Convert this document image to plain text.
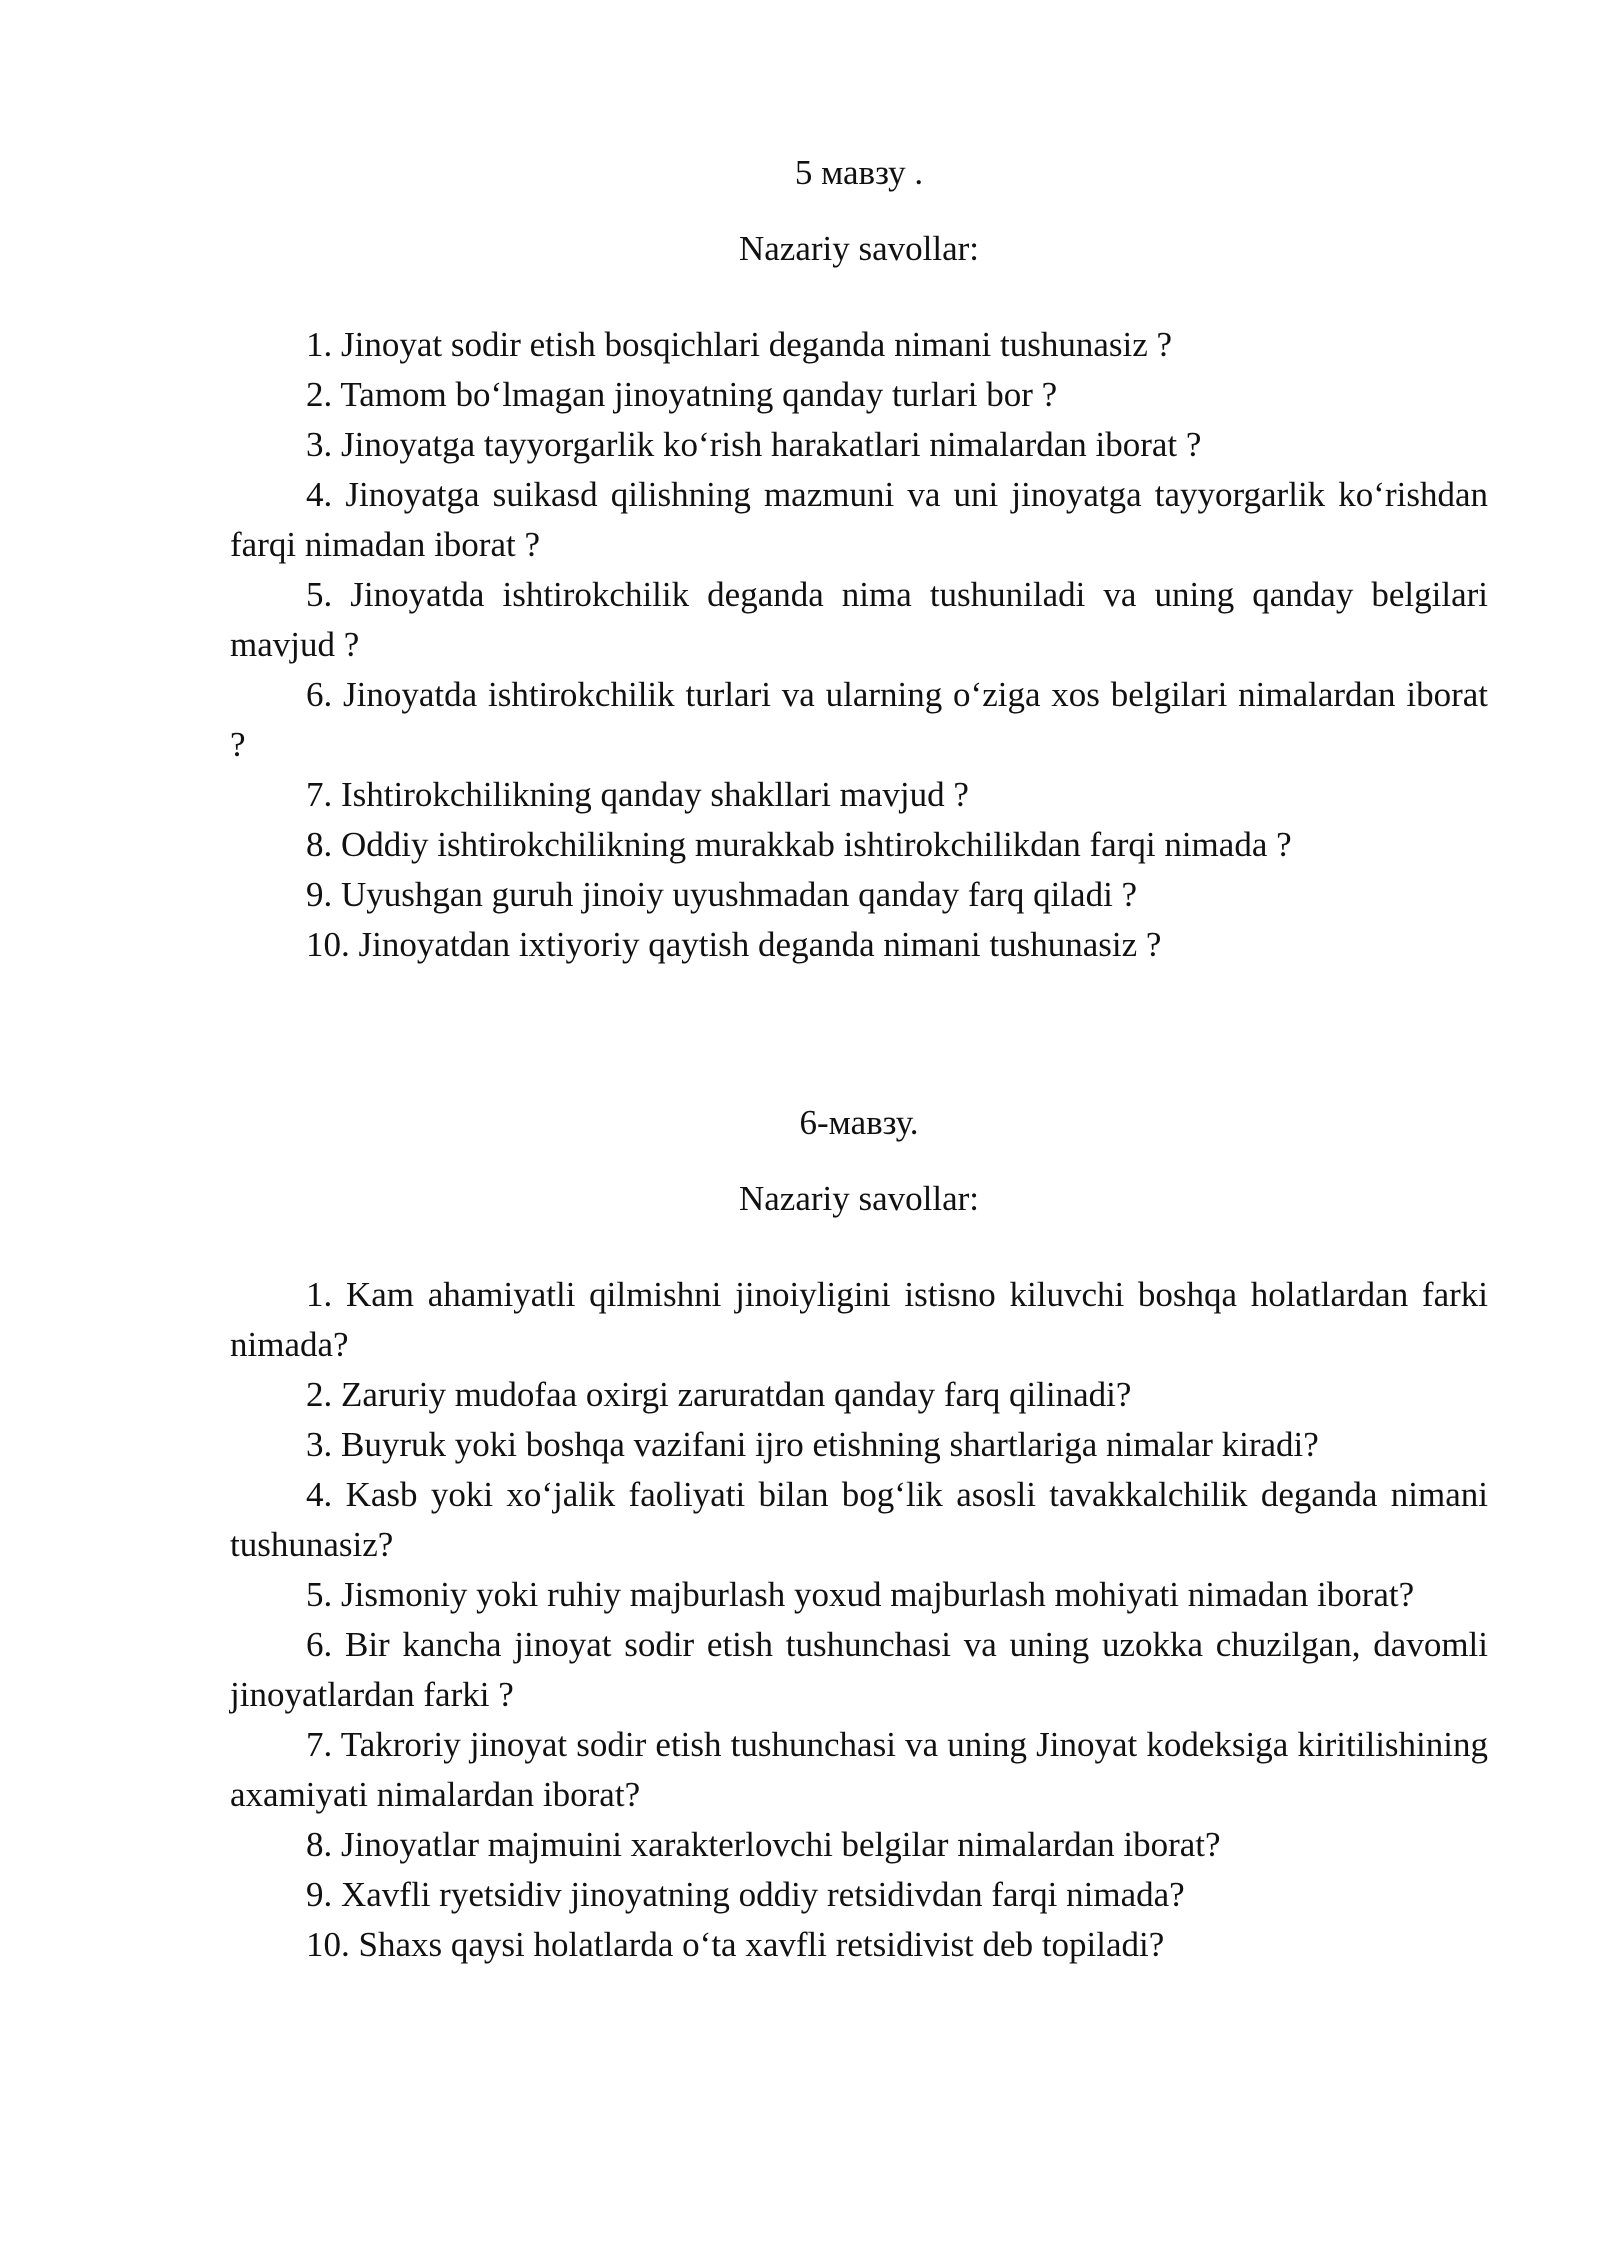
5 мавзу .
Nazariy savollar:
1. Jinoyat sodir etish bosqichlari deganda nimani tushunasiz ?
2. Tamom bo‘lmagan jinoyatning qanday turlari bor ?
3. Jinoyatga tayyorgarlik ko‘rish harakatlari nimalardan iborat ?
4. Jinoyatga suikasd qilishning mazmuni va uni jinoyatga tayyorgarlik ko‘rishdan farqi nimadan iborat ?
5. Jinoyatda ishtirokchilik deganda nima tushuniladi va uning qanday belgilari mavjud ?
6. Jinoyatda ishtirokchilik turlari va ularning o‘ziga xos belgilari nimalardan iborat ?
7. Ishtirokchilikning qanday shakllari mavjud ?
8. Oddiy ishtirokchilikning murakkab ishtirokchilikdan farqi nimada ?
9. Uyushgan guruh jinoiy uyushmadan qanday farq qiladi ?
10. Jinoyatdan ixtiyoriy qaytish deganda nimani tushunasiz ?
6-мавзу.
Nazariy savollar:
1. Kam ahamiyatli qilmishni jinoiyligini istisno kiluvchi boshqa holatlardan farki nimada?
2. Zaruriy mudofaa oxirgi zaruratdan qanday farq qilinadi?
3. Buyruk yoki boshqa vazifani ijro etishning shartlariga nimalar kiradi?
4. Kasb yoki xo‘jalik faoliyati bilan bog‘lik asosli tavakkalchilik deganda nimani tushunasiz?
5. Jismoniy yoki ruhiy majburlash yoxud majburlash mohiyati nimadan iborat?
6. Bir kancha jinoyat sodir etish tushunchasi va uning uzokka chuzilgan, davomli jinoyatlardan farki ?
7. Takroriy jinoyat sodir etish tushunchasi va uning Jinoyat kodeksiga kiritilishining axamiyati nimalardan iborat?
8. Jinoyatlar majmuini xarakterlovchi belgilar nimalardan iborat?
9. Xavfli ryetsidiv jinoyatning oddiy retsidivdan farqi nimada?
10. Shaxs qaysi holatlarda o‘ta xavfli retsidivist deb topiladi?
